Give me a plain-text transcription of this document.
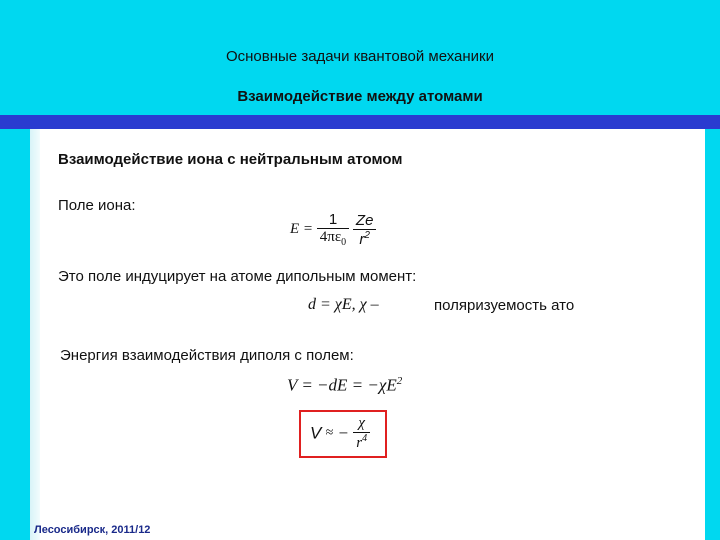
Основные задачи квантовой механики
Взаимодействие между атомами
Взаимодействие иона с нейтральным атомом
Поле иона:
$E = \frac{1}{4\pi\varepsilon_0}$
$\frac{Ze}{r^2}$
Это поле индуцирует на атоме дипольным момент:
d = χE, χ –	поляризуемость ато
Энергия взаимодействия диполя с полем:
$V = -dE = -\chi E^2$
V ≈ − $\frac{\chi}{r^4}$
Лесосибирск, 2011/12
